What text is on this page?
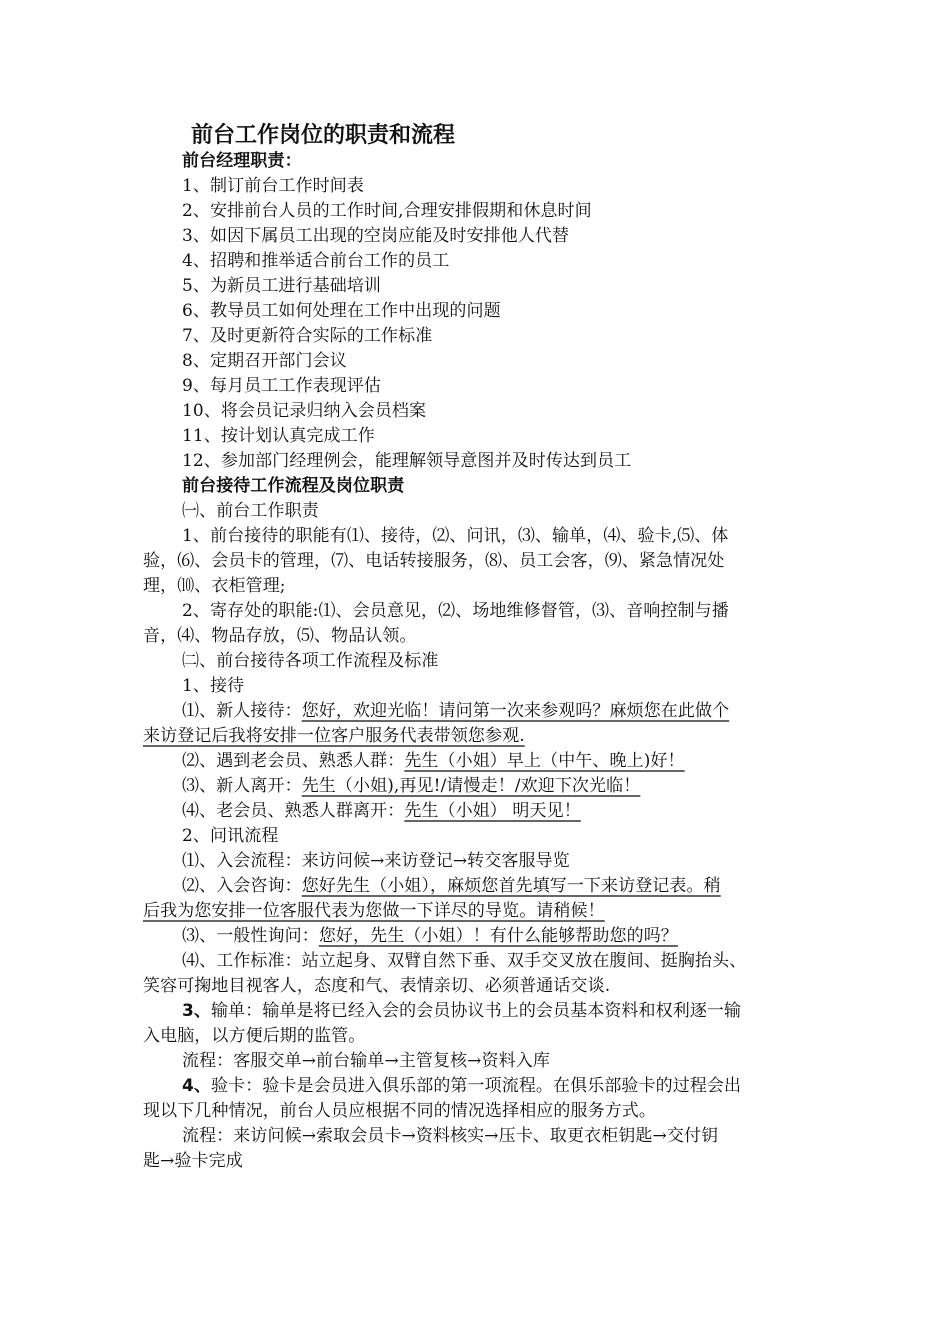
前台工作岗位的职责和流程
前台经理职责：
1、制订前台工作时间表
2、安排前台人员的工作时间,合理安排假期和休息时间
3、如因下属员工出现的空岗应能及时安排他人代替
4、招聘和推举适合前台工作的员工
5、为新员工进行基础培训
6、教导员工如何处理在工作中出现的问题
7、及时更新符合实际的工作标准
8、定期召开部门会议
9、每月员工工作表现评估
10、将会员记录归纳入会员档案
11、按计划认真完成工作
12、参加部门经理例会，能理解领导意图并及时传达到员工
前台接待工作流程及岗位职责
㈠、前台工作职责
1、前台接待的职能有⑴、接待，⑵、问讯，⑶、输单，⑷、验卡,⑸、体
验，⑹、会员卡的管理，⑺、电话转接服务，⑻、员工会客，⑼、紧急情况处
理，⑽、衣柜管理;
2、寄存处的职能:⑴、会员意见，⑵、场地维修督管，⑶、音响控制与播
音，⑷、物品存放，⑸、物品认领。
㈡、前台接待各项工作流程及标准
1、接待
⑴、新人接待：您好，欢迎光临！请问第一次来参观吗？麻烦您在此做个
来访登记后我将安排一位客户服务代表带领您参观.
⑵、遇到老会员、熟悉人群：先生（小姐）早上（中午、晚上)好！
⑶、新人离开：先生（小姐),再见!/请慢走！/欢迎下次光临！
⑷、老会员、熟悉人群离开：先生（小姐） 明天见！
2、问讯流程
⑴、入会流程：来访问候→来访登记→转交客服导览
⑵、入会咨询：您好先生（小姐），麻烦您首先填写一下来访登记表。稍
后我为您安排一位客服代表为您做一下详尽的导览。请稍候！
⑶、一般性询问：您好，先生（小姐）！有什么能够帮助您的吗？
⑷、工作标准：站立起身、双臂自然下垂、双手交叉放在腹间、挺胸抬头、
笑容可掬地目视客人，态度和气、表情亲切、必须普通话交谈.
3、输单：输单是将已经入会的会员协议书上的会员基本资料和权利逐一输
入电脑，以方便后期的监管。
流程：客服交单→前台输单→主管复核→资料入库
4、验卡：验卡是会员进入俱乐部的第一项流程。在俱乐部验卡的过程会出
现以下几种情况，前台人员应根据不同的情况选择相应的服务方式。
流程：来访问候→索取会员卡→资料核实→压卡、取更衣柜钥匙→交付钥
匙→验卡完成
